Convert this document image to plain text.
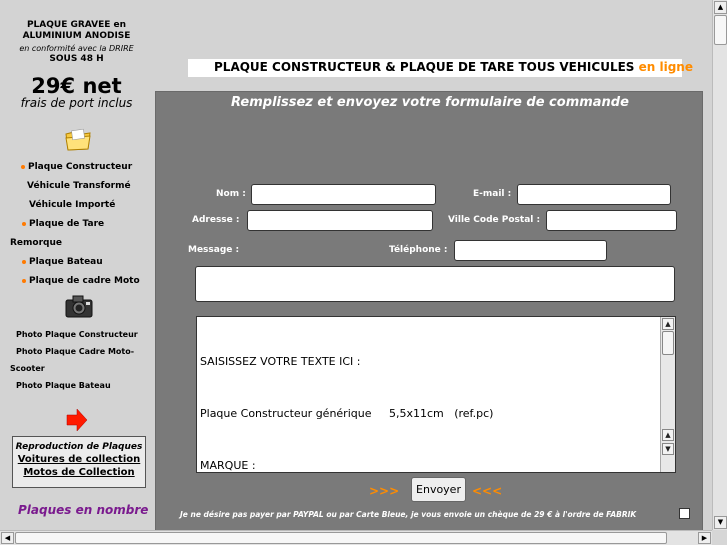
PLAQUE GRAVEE en
ALUMINIUM ANODISE
en conformité avec la DRIRE
SOUS 48 H
29€ net
frais de port inclus
Plaque Constructeur
Véhicule Transformé
Véhicule Importé
Plaque de Tare
Remorque
Plaque Bateau
Plaque de cadre Moto
Photo Plaque Constructeur
Photo Plaque Cadre Moto-
Scooter
Photo Plaque Bateau
Reproduction de Plaques
Voitures de collection
Motos de Collection
Plaques en nombre
PLAQUE CONSTRUCTEUR & PLAQUE DE TARE TOUS VEHICULES en ligne
Remplissez et envoyez votre formulaire de commande
Nom :	E-mail :
Adresse :	Ville Code Postal :
Message :	Téléphone :

SAISISSEZ VOTRE TEXTE ICI :

Plaque Constructeur générique     5,5x11cm   (ref.pc)

MARQUE :

▲
▲
▼
>>>	Envoyer <<<
Je ne désire pas payer par PAYPAL ou par Carte Bleue, je vous envoie un chèque de 29 € à l'ordre de FABRIK
▲
▼
◀	▶
